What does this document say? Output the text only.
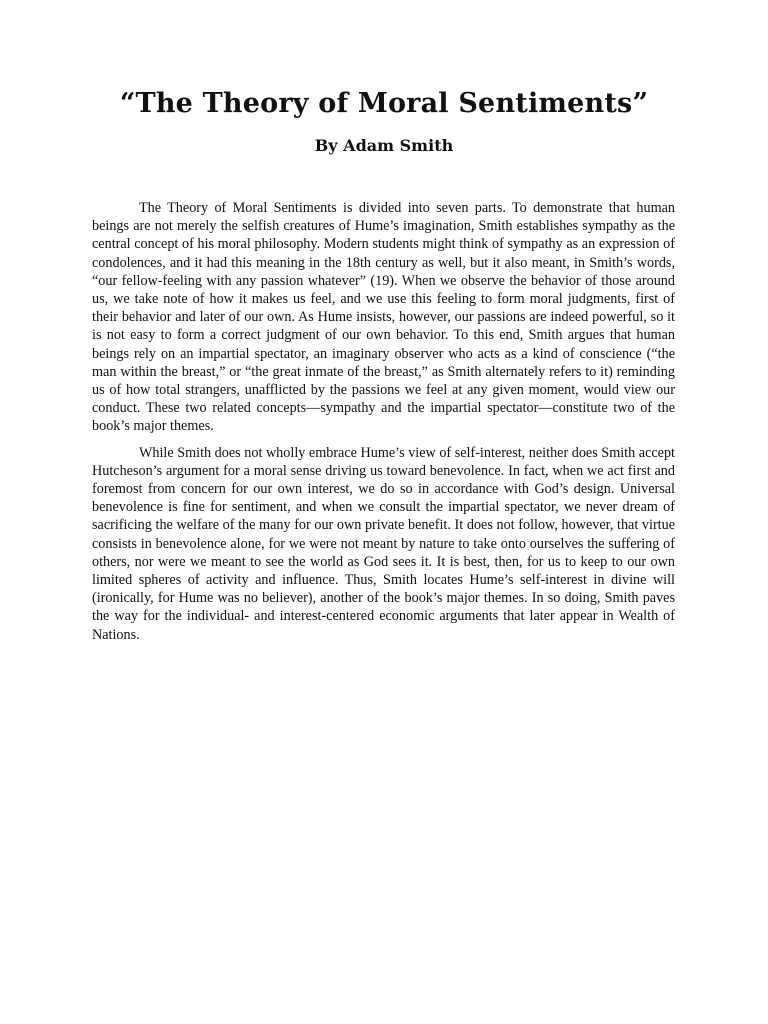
“The Theory of Moral Sentiments”
By Adam Smith

The Theory of Moral Sentiments is divided into seven parts. To demonstrate that human beings are not merely the selfish creatures of Hume’s imagination, Smith establishes sympathy as the central concept of his moral philosophy. Modern students might think of sympathy as an expression of condolences, and it had this meaning in the 18th century as well, but it also meant, in Smith’s words, “our fellow-feeling with any passion whatever” (19). When we observe the behavior of those around us, we take note of how it makes us feel, and we use this feeling to form moral judgments, first of their behavior and later of our own. As Hume insists, however, our passions are indeed powerful, so it is not easy to form a correct judgment of our own behavior. To this end, Smith argues that human beings rely on an impartial spectator, an imaginary observer who acts as a kind of conscience (“the man within the breast,” or “the great inmate of the breast,” as Smith alternately refers to it) reminding us of how total strangers, unafflicted by the passions we feel at any given moment, would view our conduct. These two related concepts—sympathy and the impartial spectator—constitute two of the book’s major themes.

While Smith does not wholly embrace Hume’s view of self-interest, neither does Smith accept Hutcheson’s argument for a moral sense driving us toward benevolence. In fact, when we act first and foremost from concern for our own interest, we do so in accordance with God’s design. Universal benevolence is fine for sentiment, and when we consult the impartial spectator, we never dream of sacrificing the welfare of the many for our own private benefit. It does not follow, however, that virtue consists in benevolence alone, for we were not meant by nature to take onto ourselves the suffering of others, nor were we meant to see the world as God sees it. It is best, then, for us to keep to our own limited spheres of activity and influence. Thus, Smith locates Hume’s self-interest in divine will (ironically, for Hume was no believer), another of the book’s major themes. In so doing, Smith paves the way for the individual- and interest-centered economic arguments that later appear in Wealth of Nations.
